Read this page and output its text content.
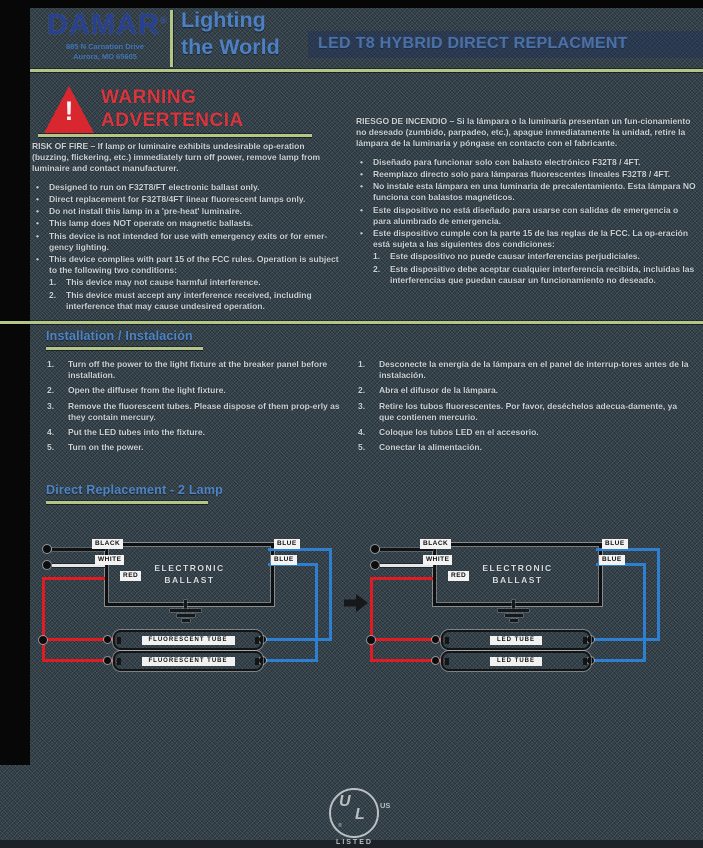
DAMAR®
885 N Carnation Drive
Aurora, MO 65605
Lighting
the World LED T8 HYBRID DIRECT REPLACMENT
!	WARNING
ADVERTENCIA

RISK OF FIRE – If lamp or luminaire exhibits undesirable op-eration (buzzing, flickering, etc.) immediately turn off power, remove lamp from luminaire and contact manufacturer.

• Designed to run on F32T8/FT electronic ballast only.
• Direct replacement for F32T8/4FT linear fluorescent lamps only.
• Do not install this lamp in a 'pre-heat' luminaire.
• This lamp does NOT operate on magnetic ballasts.
• This device is not intended for use with emergency exits or for emer-gency lighting.
• This device complies with part 15 of the FCC rules. Operation is subject to the following two conditions:
This device may not cause harmful interference.
This device must accept any interference received, including interference that may cause undesired operation.

RIESGO DE INCENDIO – Si la lámpara o la luminaria presentan un fun-cionamiento no deseado (zumbido, parpadeo, etc.), apague inmediatamente la unidad, retire la lámpara de la luminaria y póngase en contacto con el fabricante.

• Diseñado para funcionar solo con balasto electrónico F32T8 / 4FT.
• Reemplazo directo solo para lámparas fluorescentes lineales F32T8 / 4FT.
• No instale esta lámpara en una luminaria de precalentamiento. Esta lámpara NO funciona con balastos magnéticos.
• Este dispositivo no está diseñado para usarse con salidas de emergencia o para alumbrado de emergencia.
• Este dispositivo cumple con la parte 15 de las reglas de la FCC. La op-eración está sujeta a las siguientes dos condiciones:
Este dispositivo no puede causar interferencias perjudiciales.
Este dispositivo debe aceptar cualquier interferencia recibida, incluidas las interferencias que puedan causar un funcionamiento no deseado.
Installation / Instalación
Turn off the power to the light fixture at the breaker panel before installation.
Open the diffuser from the light fixture.
Remove the fluorescent tubes. Please dispose of them prop-erly as they contain mercury.
Put the LED tubes into the fixture.
Turn on the power.
Desconecte la energía de la lámpara en el panel de interrup-tores antes de la instalación.
Abra el difusor de la lámpara.
Retire los tubos fluorescentes. Por favor, deséchelos adecua-damente, ya que contienen mercurio.
Coloque los tubos LED en el accesorio.
Conectar la alimentación.
Direct Replacement - 2 Lamp
ELECTRONIC BALLAST
BLACK
WHITE
RED
BLUE
BLUE
FLUORESCENT TUBE
FLUORESCENT TUBE
ELECTRONIC BALLAST
BLACK
WHITE
RED
BLUE
BLUE
LED TUBE
LED TUBE
U
L
®
US
LISTED
